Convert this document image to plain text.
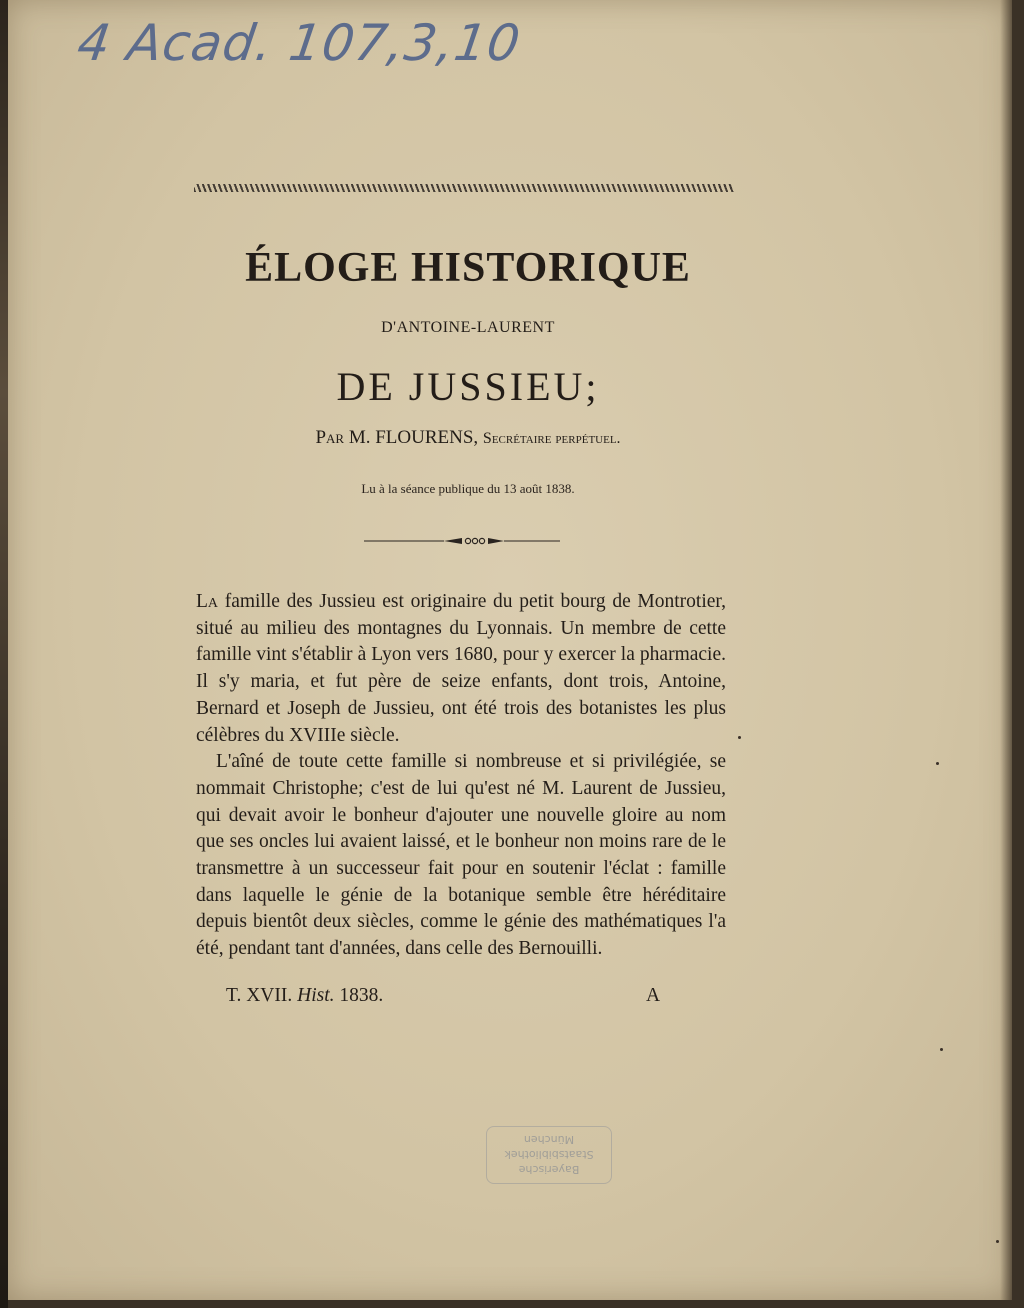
4 Acad. 107,3,10
ÉLOGE HISTORIQUE
D'ANTOINE-LAURENT
DE JUSSIEU;
Par M. FLOURENS, Secrétaire perpétuel.
Lu à la séance publique du 13 août 1838.

La famille des Jussieu est originaire du petit bourg de Montrotier, situé au milieu des montagnes du Lyonnais. Un membre de cette famille vint s'établir à Lyon vers 1680, pour y exercer la pharmacie. Il s'y maria, et fut père de seize enfants, dont trois, Antoine, Bernard et Joseph de Jussieu, ont été trois des botanistes les plus célèbres du XVIIIe siècle.

L'aîné de toute cette famille si nombreuse et si privilégiée, se nommait Christophe; c'est de lui qu'est né M. Laurent de Jussieu, qui devait avoir le bonheur d'ajouter une nouvelle gloire au nom que ses oncles lui avaient laissé, et le bonheur non moins rare de le transmettre à un successeur fait pour en soutenir l'éclat : famille dans laquelle le génie de la botanique semble être héréditaire depuis bientôt deux siècles, comme le génie des mathématiques l'a été, pendant tant d'années, dans celle des Bernouilli.

T. XVII. Hist. 1838.	A
Bayerische
Staatsbibliothek
München
